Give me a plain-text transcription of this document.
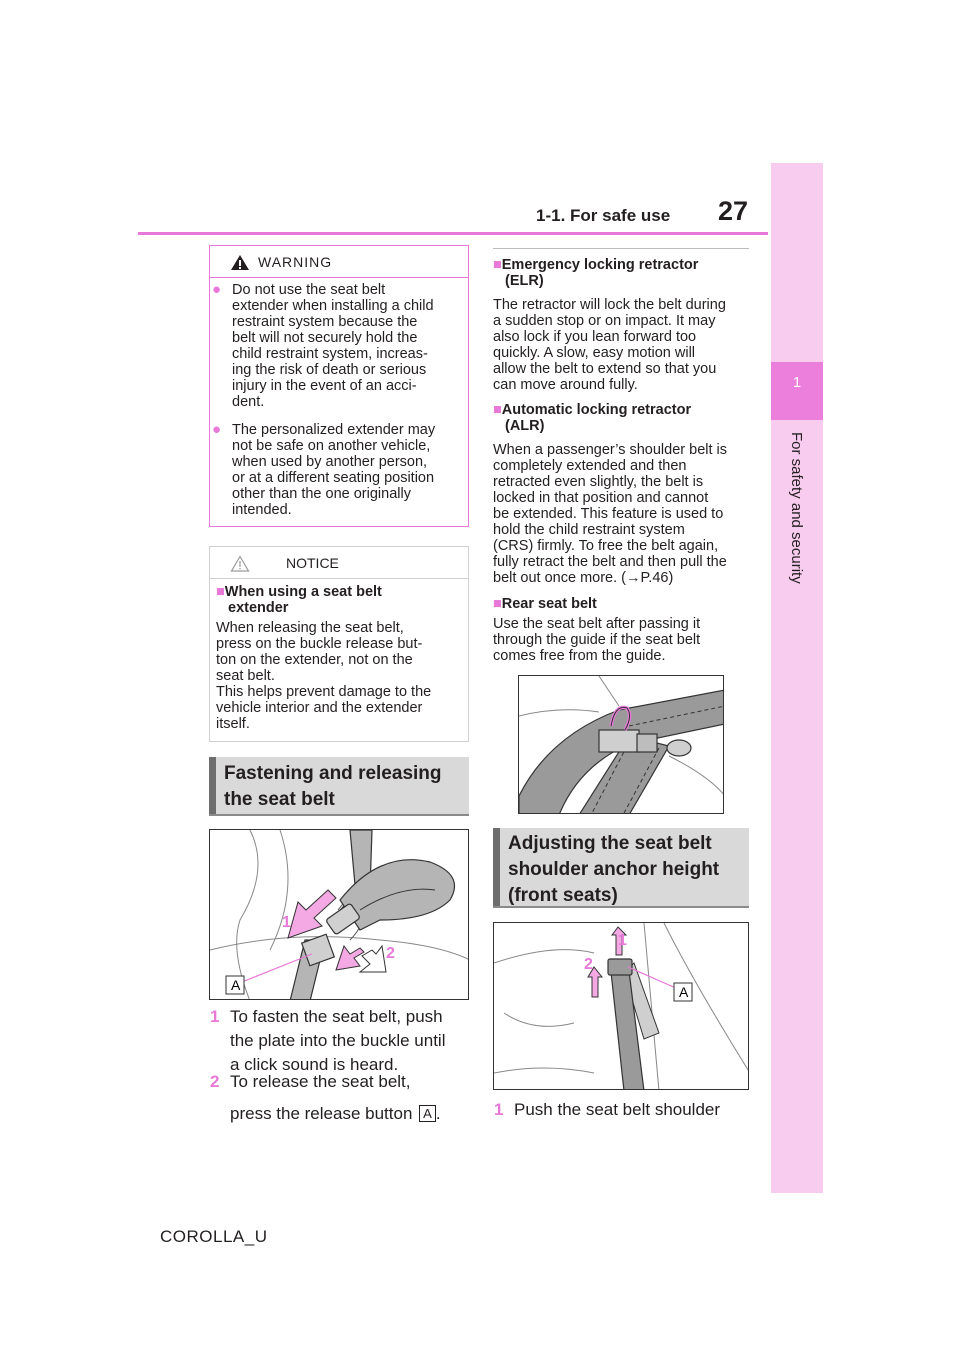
1-1. For safe use 27
1
For safety and security
WARNING
● Do not use the seat belt
extender when installing a child
restraint system because the
belt will not securely hold the
child restraint system, increas-
ing the risk of death or serious
injury in the event of an acci-
dent.
● The personalized extender may
not be safe on another vehicle,
when used by another person,
or at a different seating position
other than the one originally
intended.
NOTICE
■When using a seat belt
extender
When releasing the seat belt,
press on the buckle release but-
ton on the extender, not on the
seat belt.
This helps prevent damage to the
vehicle interior and the extender
itself.
Fastening and releasing
the seat belt
A
1
2
1 To fasten the seat belt, push
the plate into the buckle until
a click sound is heard.
2 To release the seat belt,
press the release button A .
■Emergency locking retractor
(ELR)
The retractor will lock the belt during
a sudden stop or on impact. It may
also lock if you lean forward too
quickly. A slow, easy motion will
allow the belt to extend so that you
can move around fully.
■Automatic locking retractor
(ALR)
When a passenger’s shoulder belt is
completely extended and then
retracted even slightly, the belt is
locked in that position and cannot
be extended. This feature is used to
hold the child restraint system
(CRS) firmly. To free the belt again,
fully retract the belt and then pull the
belt out once more. (→P.46)
■Rear seat belt
Use the seat belt after passing it
through the guide if the seat belt
comes free from the guide.
Adjusting the seat belt
shoulder anchor height
(front seats)
A
1
2
1 Push the seat belt shoulder
COROLLA_U
